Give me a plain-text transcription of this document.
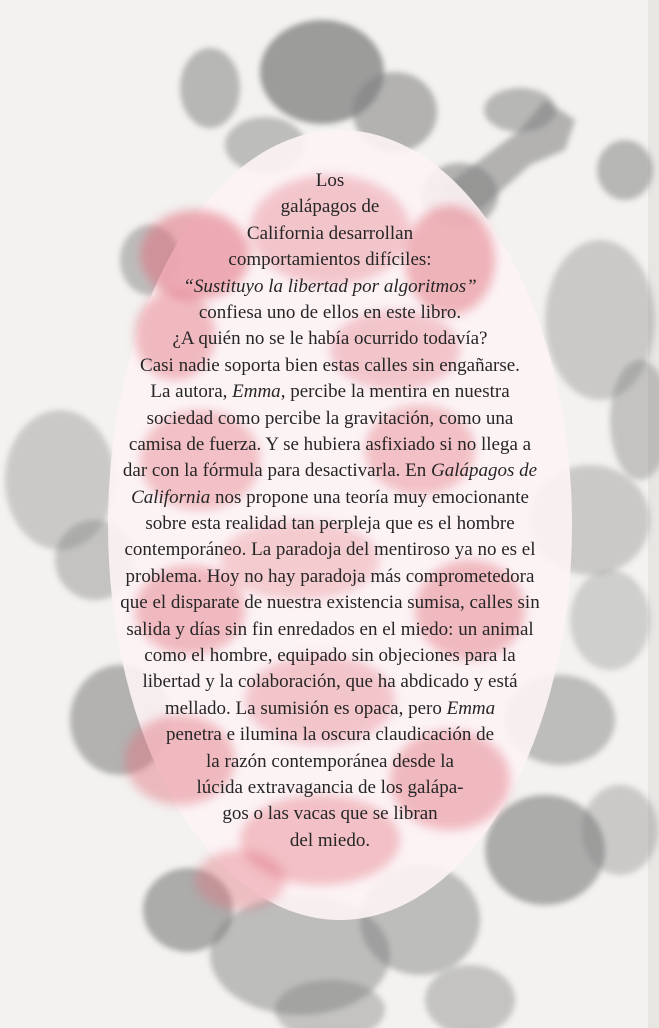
Los
galápagos de
California desarrollan
comportamientos difíciles:
“Sustituyo la libertad por algoritmos”
confiesa uno de ellos en este libro.
¿A quién no se le había ocurrido todavía?
Casi nadie soporta bien estas calles sin engañarse.
La autora, Emma, percibe la mentira en nuestra
sociedad como percibe la gravitación, como una
camisa de fuerza. Y se hubiera asfixiado si no llega a
dar con la fórmula para desactivarla. En Galápagos de
California nos propone una teoría muy emocionante
sobre esta realidad tan perpleja que es el hombre
contemporáneo. La paradoja del mentiroso ya no es el
problema. Hoy no hay paradoja más comprometedora
que el disparate de nuestra existencia sumisa, calles sin
salida y días sin fin enredados en el miedo: un animal
como el hombre, equipado sin objeciones para la
libertad y la colaboración, que ha abdicado y está
mellado. La sumisión es opaca, pero Emma
penetra e ilumina la oscura claudicación de
la razón contemporánea desde la
lúcida extravagancia de los galápa-
gos o las vacas que se libran
del miedo.
